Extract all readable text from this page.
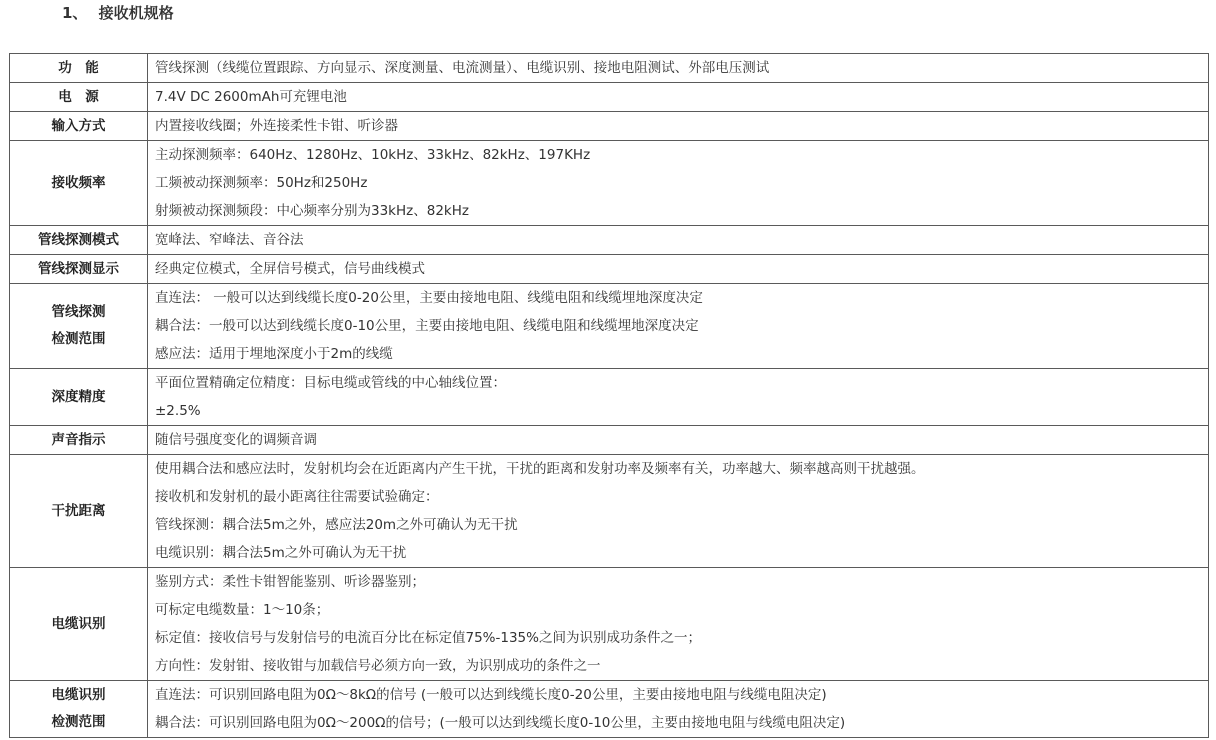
1、 接收机规格
功　能	管线探测（线缆位置跟踪、方向显示、深度测量、电流测量）、电缆识别、接地电阻测试、外部电压测试

电　源	7.4V DC 2600mAh可充锂电池

输入方式	内置接收线圈；外连接柔性卡钳、听诊器

接收频率	主动探测频率：640Hz、1280Hz、10kHz、33kHz、82kHz、197KHz
工频被动探测频率：50Hz和250Hz
射频被动探测频段：中心频率分别为33kHz、82kHz

管线探测模式	宽峰法、窄峰法、音谷法

管线探测显示	经典定位模式，全屏信号模式，信号曲线模式

管线探测
检测范围	直连法： 一般可以达到线缆长度0-20公里，主要由接地电阻、线缆电阻和线缆埋地深度决定
耦合法：一般可以达到线缆长度0-10公里，主要由接地电阻、线缆电阻和线缆埋地深度决定
感应法：适用于埋地深度小于2m的线缆

深度精度	平面位置精确定位精度：目标电缆或管线的中心轴线位置：
±2.5%

声音指示	随信号强度变化的调频音调

干扰距离	使用耦合法和感应法时，发射机均会在近距离内产生干扰，干扰的距离和发射功率及频率有关，功率越大、频率越高则干扰越强。
接收机和发射机的最小距离往往需要试验确定：
管线探测：耦合法5m之外，感应法20m之外可确认为无干扰
电缆识别：耦合法5m之外可确认为无干扰

电缆识别	鉴别方式：柔性卡钳智能鉴别、听诊器鉴别；
可标定电缆数量：1～10条；
标定值：接收信号与发射信号的电流百分比在标定值75%-135%之间为识别成功条件之一；
方向性：发射钳、接收钳与加载信号必须方向一致，为识别成功的条件之一

电缆识别
检测范围	直连法：可识别回路电阻为0Ω～8kΩ的信号 (一般可以达到线缆长度0-20公里，主要由接地电阻与线缆电阻决定)
耦合法：可识别回路电阻为0Ω～200Ω的信号；(一般可以达到线缆长度0-10公里，主要由接地电阻与线缆电阻决定)
